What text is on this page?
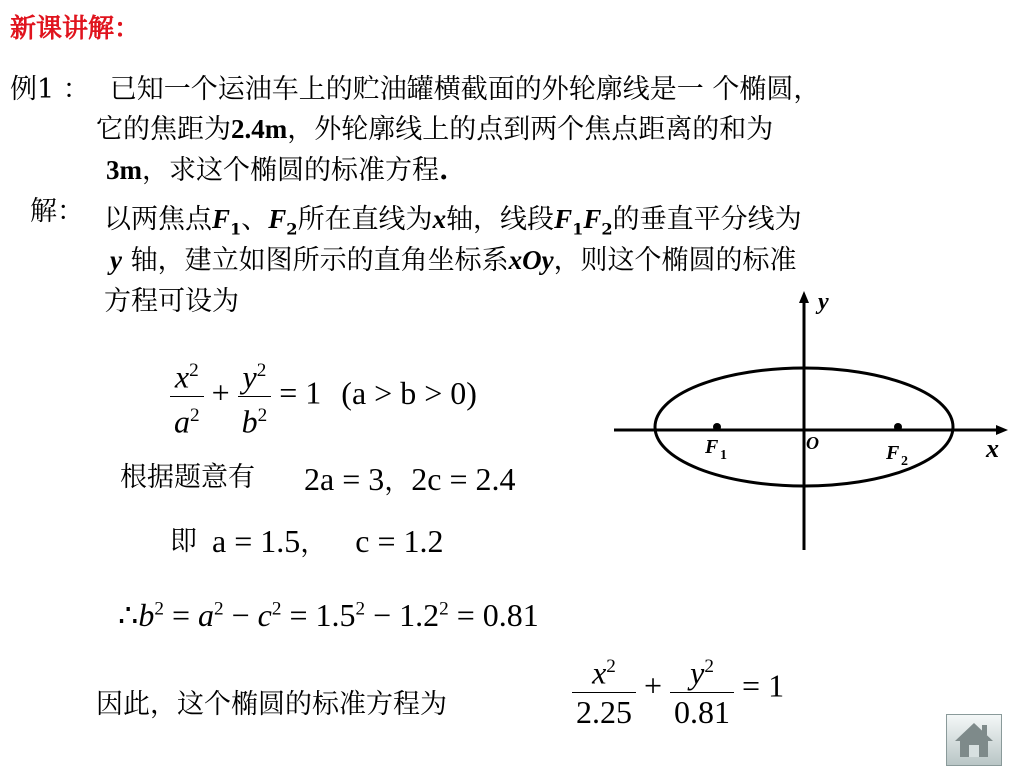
新课讲解：
例1 ： 已知一个运油车上的贮油罐横截面的外轮廓线是一 个椭圆，
它的焦距为2.4m，外轮廓线上的点到两个焦点距离的和为
3m，求这个椭圆的标准方程.
解： 以两焦点$F_1$、$F_2$所在直线为x轴，线段$F_1F_2$的垂直平分线为
y 轴，建立如图所示的直角坐标系xOy，则这个椭圆的标准
方程可设为
$\frac{x^2}{a^2} + \frac{y^2}{b^2} = 1$ (a > b > 0)
根据题意有 2a = 3，2c = 2.4
即 a = 1.5， c = 1.2
$\therefore b^2 = a^2 - c^2 = 1.5^2 - 1.2^2 = 0.81$
因此，这个椭圆的标准方程为	$\frac{x^2}{2.25} + \frac{y^2}{0.81} = 1$
y
x
O
F 1	F 2
